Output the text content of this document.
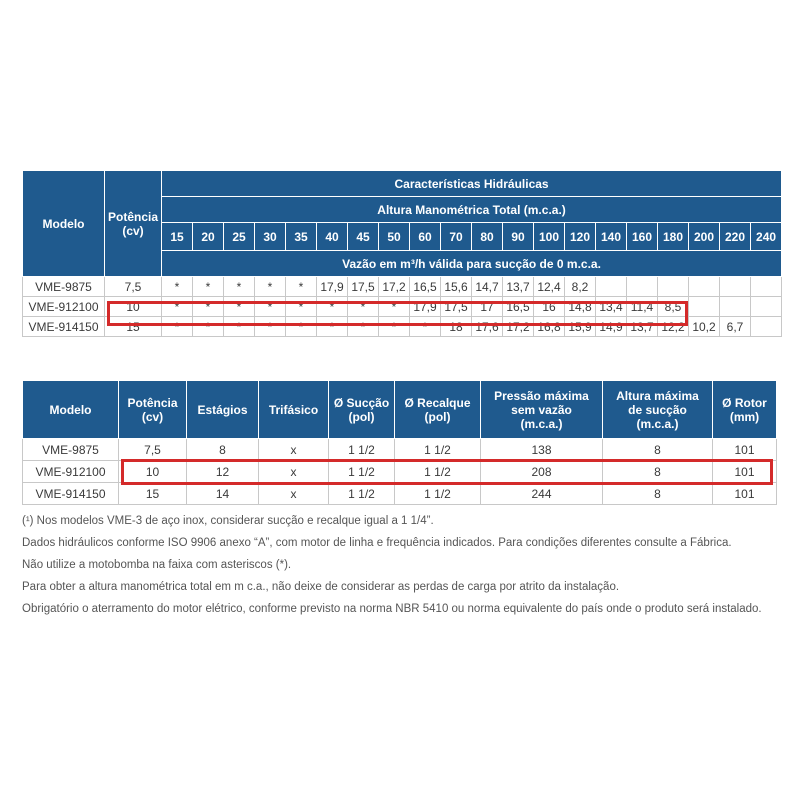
Modelo	Potência
(cv)	Características Hidráulicas																			
		Altura Manométrica Total (m.c.a.)																			
		15	20	25	30	35	40	45	50	60	70	80	90	100	120	140	160	180	200	220	240
		Vazão em m³/h válida para sucção de 0 m.c.a.																			
VME-9875	7,5	*	*	*	*	*	17,9	17,5	17,2	16,5	15,6	14,7	13,7	12,4	8,2						
VME-912100	10	*	*	*	*	*	*	*	*	17,9	17,5	17	16,5	16	14,8	13,4	11,4	8,5			
VME-914150	15	*	*	*	*	*	*	*	*	*	18	17,6	17,2	16,8	15,9	14,9	13,7	12,2	10,2	6,7	
Modelo	Potência
(cv)	Estágios	Trifásico	Ø Sucção
(pol)	Ø Recalque
(pol)	Pressão máxima
sem vazão
(m.c.a.)	Altura máxima
de sucção
(m.c.a.)	Ø Rotor
(mm)
VME-9875	7,5	8	x	1 1/2	1 1/2	138	8	101
VME-912100	10	12	x	1 1/2	1 1/2	208	8	101
VME-914150	15	14	x	1 1/2	1 1/2	244	8	101

(¹) Nos modelos VME-3 de aço inox, considerar sucção e recalque igual a 1 1/4”.

Dados hidráulicos conforme ISO 9906 anexo “A”, com motor de linha e frequência indicados. Para condições diferentes consulte a Fábrica.

Não utilize a motobomba na faixa com asteriscos (*).

Para obter a altura manométrica total em m c.a., não deixe de considerar as perdas de carga por atrito da instalação.

Obrigatório o aterramento do motor elétrico, conforme previsto na norma NBR 5410 ou norma equivalente do país onde o produto será instalado.
